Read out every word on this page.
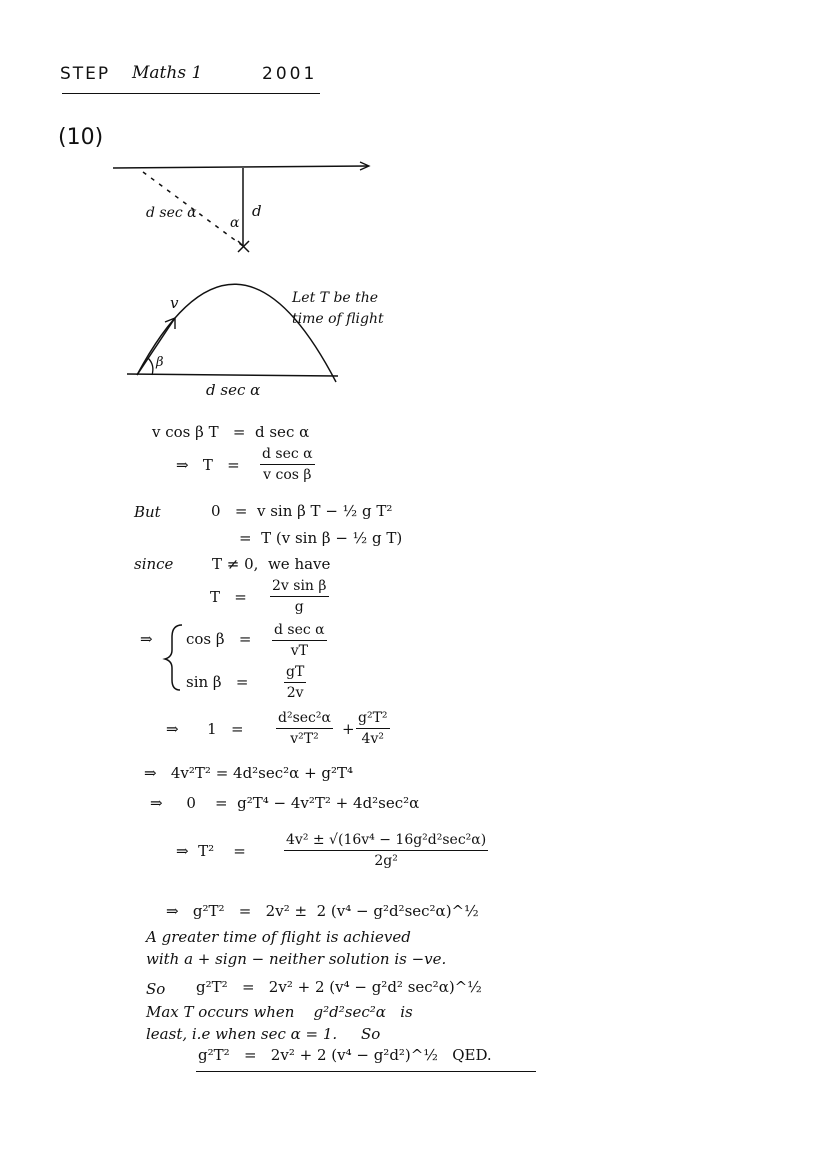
STEP Maths 1	2001
(10)
d sec α
α
d
v
β
d sec α
Let T be the time of flight
v cos β T   =  d sec α
⇒   T   =
d sec α
v cos β
But	0   =  v sin β T − ½ g T²
=  T (v sin β − ½ g T)
since	T ≠ 0,  we have
$T = \frac{\text{2v sin β}}{g}$
⇒ cos β   = d sec α
vT
sin β   =	$\frac{gT}{2v}$
⇒      1   =
d²sec²α
v²T²
+ $\frac{\text{g²T²}}{\text{4v²}}$
⇒   4v²T² = 4d²sec²α + g²T⁴
⇒     0    =  g²T⁴ − 4v²T² + 4d²sec²α
⇒  T²    =
4v² ± √(16v⁴ − 16g²d²sec²α)
2g²
⇒   g²T²   =   2v² ±  2 (v⁴ − g²d²sec²α)^½
A greater time of flight is achieved
with a + sign − neither solution is −ve.
So g²T²   =   2v² + 2 (v⁴ − g²d² sec²α)^½
Max T occurs when    g²d²sec²α   is
least, i.e when sec α = 1.     So
g²T²   =   2v² + 2 (v⁴ − g²d²)^½   QED.
